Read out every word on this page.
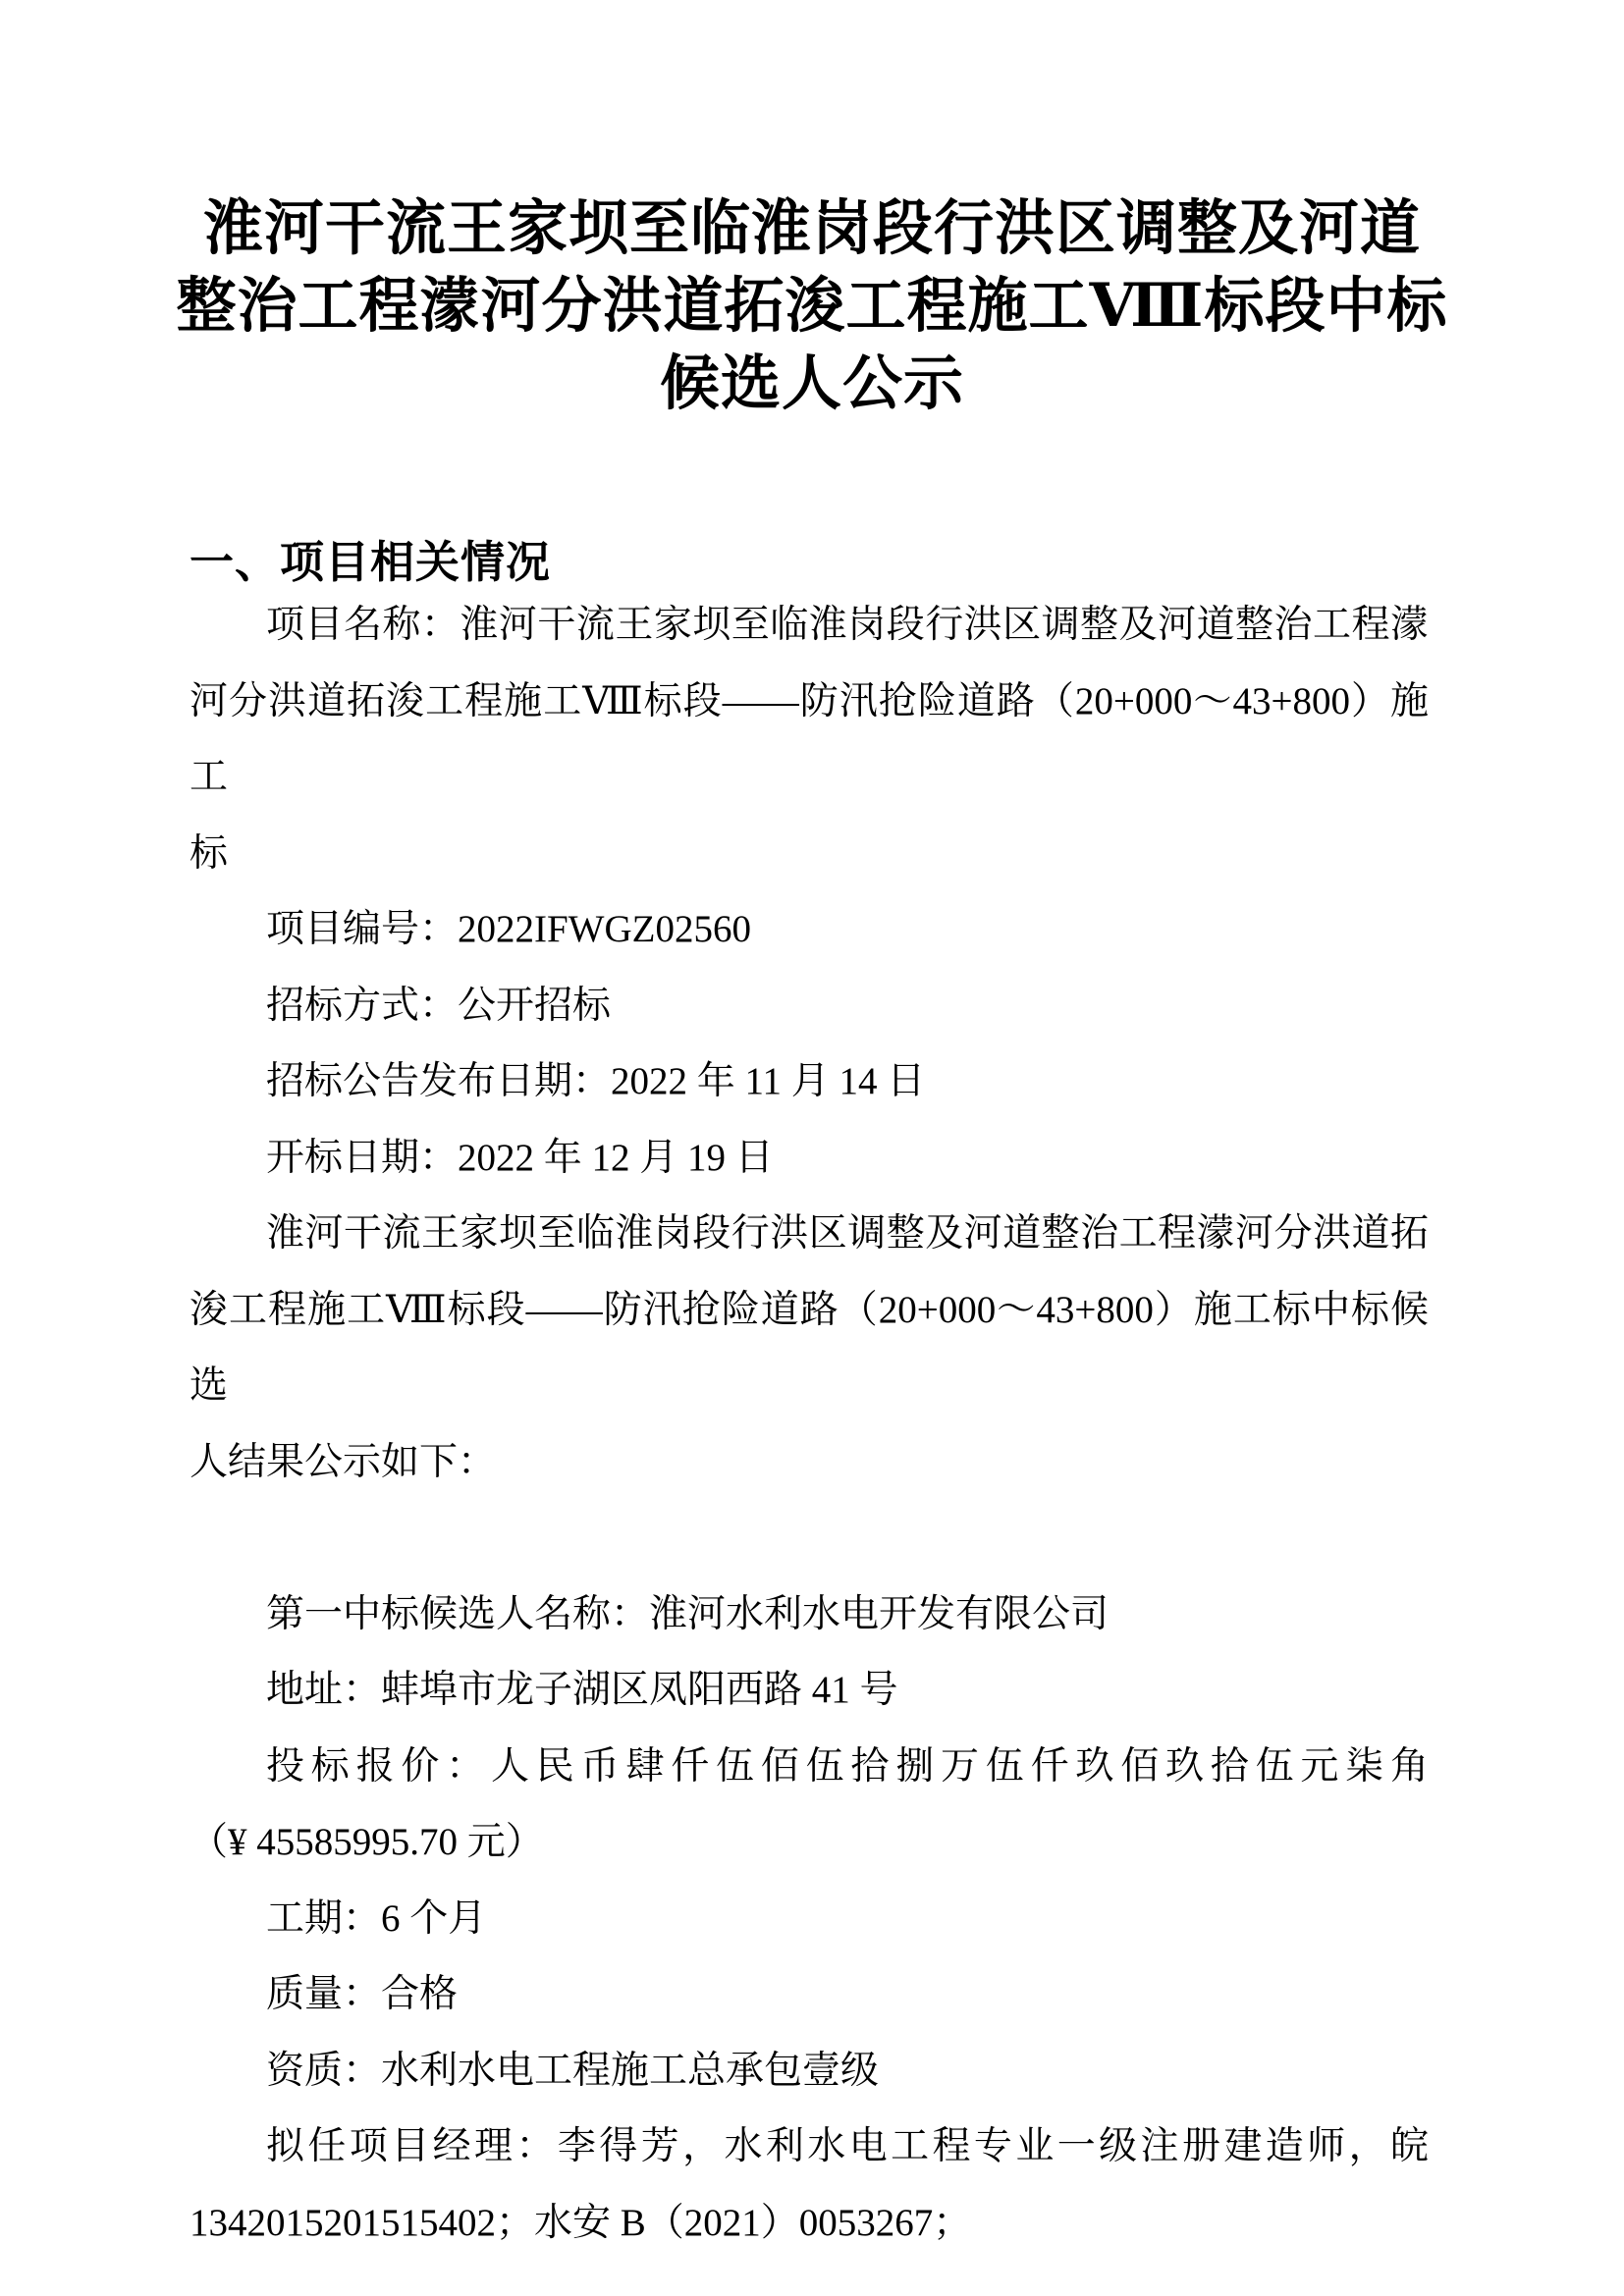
淮河干流王家坝至临淮岗段行洪区调整及河道
整治工程濛河分洪道拓浚工程施工Ⅷ标段中标
候选人公示
一、项目相关情况
项目名称：淮河干流王家坝至临淮岗段行洪区调整及河道整治工程濛
河分洪道拓浚工程施工Ⅷ标段——防汛抢险道路（20+000～43+800）施工
标
项目编号：2022IFWGZ02560
招标方式：公开招标
招标公告发布日期：2022 年 11 月 14 日
开标日期：2022 年 12 月 19 日
淮河干流王家坝至临淮岗段行洪区调整及河道整治工程濛河分洪道拓
浚工程施工Ⅷ标段——防汛抢险道路（20+000～43+800）施工标中标候选
人结果公示如下：
第一中标候选人名称：淮河水利水电开发有限公司
地址：蚌埠市龙子湖区凤阳西路 41 号
投标报价：人民币肆仟伍佰伍拾捌万伍仟玖佰玖拾伍元柒角
（¥ 45585995.70 元）
工期：6 个月
质量：合格
资质：水利水电工程施工总承包壹级
拟任项目经理：李得芳，水利水电工程专业一级注册建造师，皖
1342015201515402；水安 B（2021）0053267；
